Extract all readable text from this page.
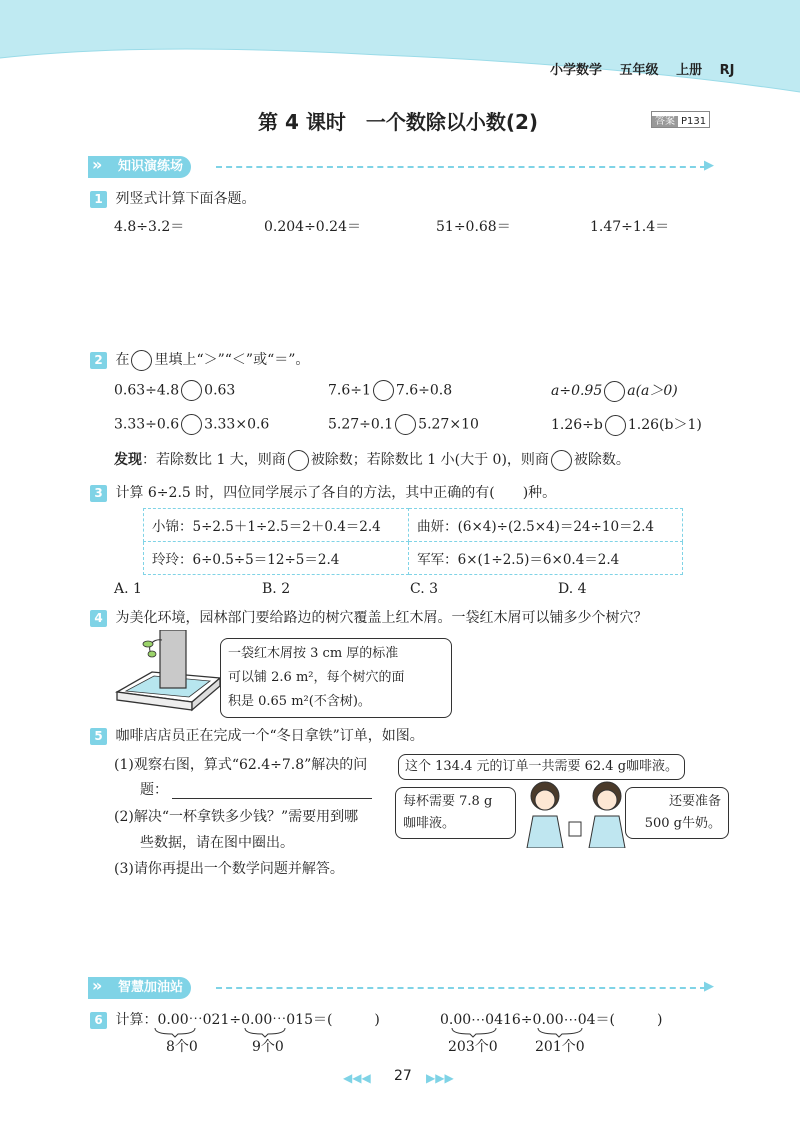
小学数学　 五年级　 上册　 RJ
第 4 课时　一个数除以小数(2)	答案 P131
知识演练场
»	▶
1 列竖式计算下面各题。
4.8÷3.2＝	0.204÷0.24＝	51÷0.68＝	1.47÷1.4＝
2 在 里填上“＞”“＜”或“＝”。
0.63÷4.8 0.63	7.6÷1 7.6÷0.8	a÷0.95 a(a＞0)
3.33÷0.6 3.33×0.6	5.27÷0.1 5.27×10	1.26÷b 1.26(b＞1)
发现：若除数比 1 大，则商 被除数；若除数比 1 小(大于 0)，则商 被除数。
3 计算 6÷2.5 时，四位同学展示了各自的方法，其中正确的有(　　)种。
小锦：5÷2.5＋1÷2.5＝2＋0.4＝2.4	曲妍：(6×4)÷(2.5×4)＝24÷10＝2.4
玲玲：6÷0.5÷5＝12÷5＝2.4	军军：6×(1÷2.5)＝6×0.4＝2.4
A. 1	B. 2	C. 3	D. 4
4 为美化环境，园林部门要给路边的树穴覆盖上红木屑。一袋红木屑可以铺多少个树穴？
一袋红木屑按 3 cm 厚的标准
可以铺 2.6 m²，每个树穴的面
积是 0.65 m²(不含树)。
5 咖啡店店员正在完成一个“冬日拿铁”订单，如图。
(1)观察右图，算式“62.4÷7.8”解决的问
题：
(2)解决“一杯拿铁多少钱？”需要用到哪
些数据，请在图中圈出。
(3)请你再提出一个数学问题并解答。
这个 134.4 元的订单一共需要 62.4 g咖啡液。
每杯需要 7.8 g
咖啡液。
还要准备
500 g牛奶。
智慧加油站
»	▶
6 计算：0.00⋯021÷0.00⋯015＝(　　　)
8个0	9个0
0.00⋯0416÷0.00⋯04＝(　　　)
203个0	201个0
◀◀◀ 27 ▶▶▶
